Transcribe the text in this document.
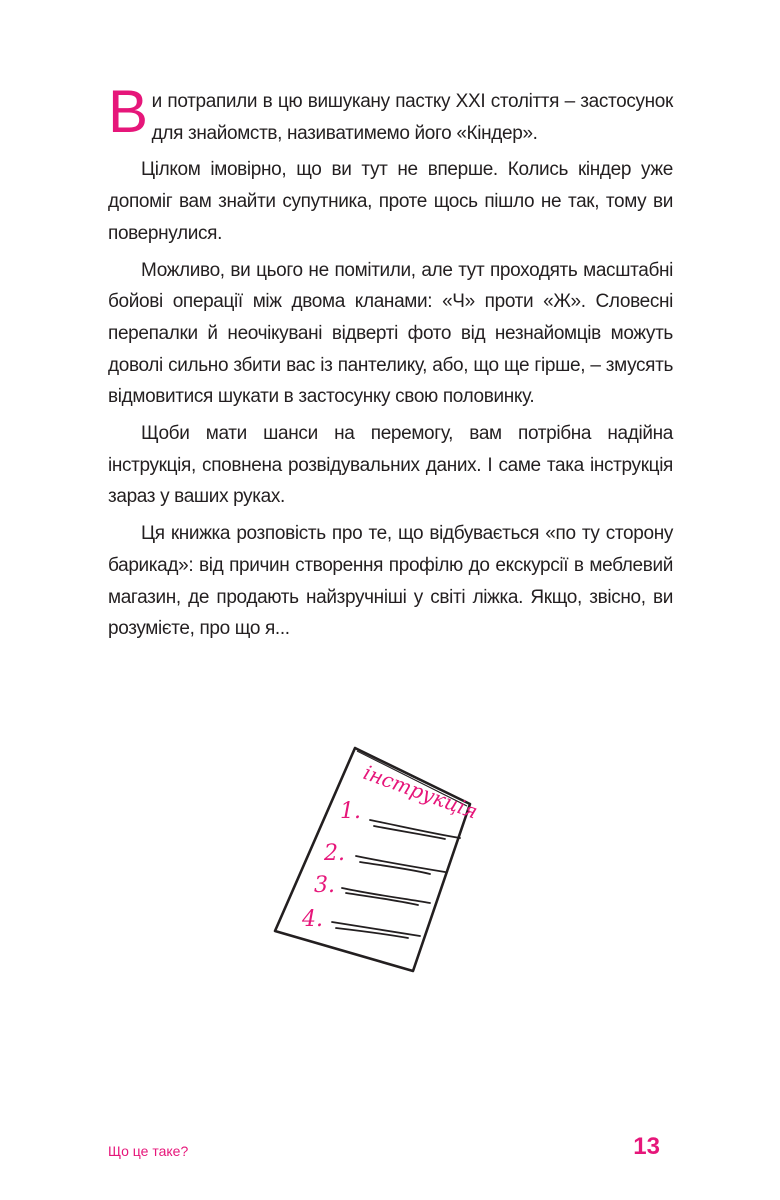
Ви потрапили в цю вишукану пастку XXI століття – застосунок для знайомств, називатимемо його «Кіндер».

Цілком імовірно, що ви тут не вперше. Колись кіндер уже допоміг вам знайти супутника, проте щось пішло не так, тому ви повернулися.

Можливо, ви цього не помітили, але тут проходять масштабні бойові операції між двома кланами: «Ч» проти «Ж». Словесні перепалки й неочікувані відверті фото від незнайомців можуть доволі сильно збити вас із пантелику, або, що ще гірше, – змусять відмовитися шукати в застосунку свою половинку.

Щоби мати шанси на перемогу, вам потрібна надійна інструкція, сповнена розвідувальних даних. І саме така інструкція зараз у ваших руках.

Ця книжка розповість про те, що відбувається «по ту сторону барикад»: від причин створення профілю до екскурсії в меблевий магазин, де продають найзручніші у світі ліжка. Якщо, звісно, ви розумієте, про що я...

інструкція
1.
2.
3.
4.
Що це таке?	13
